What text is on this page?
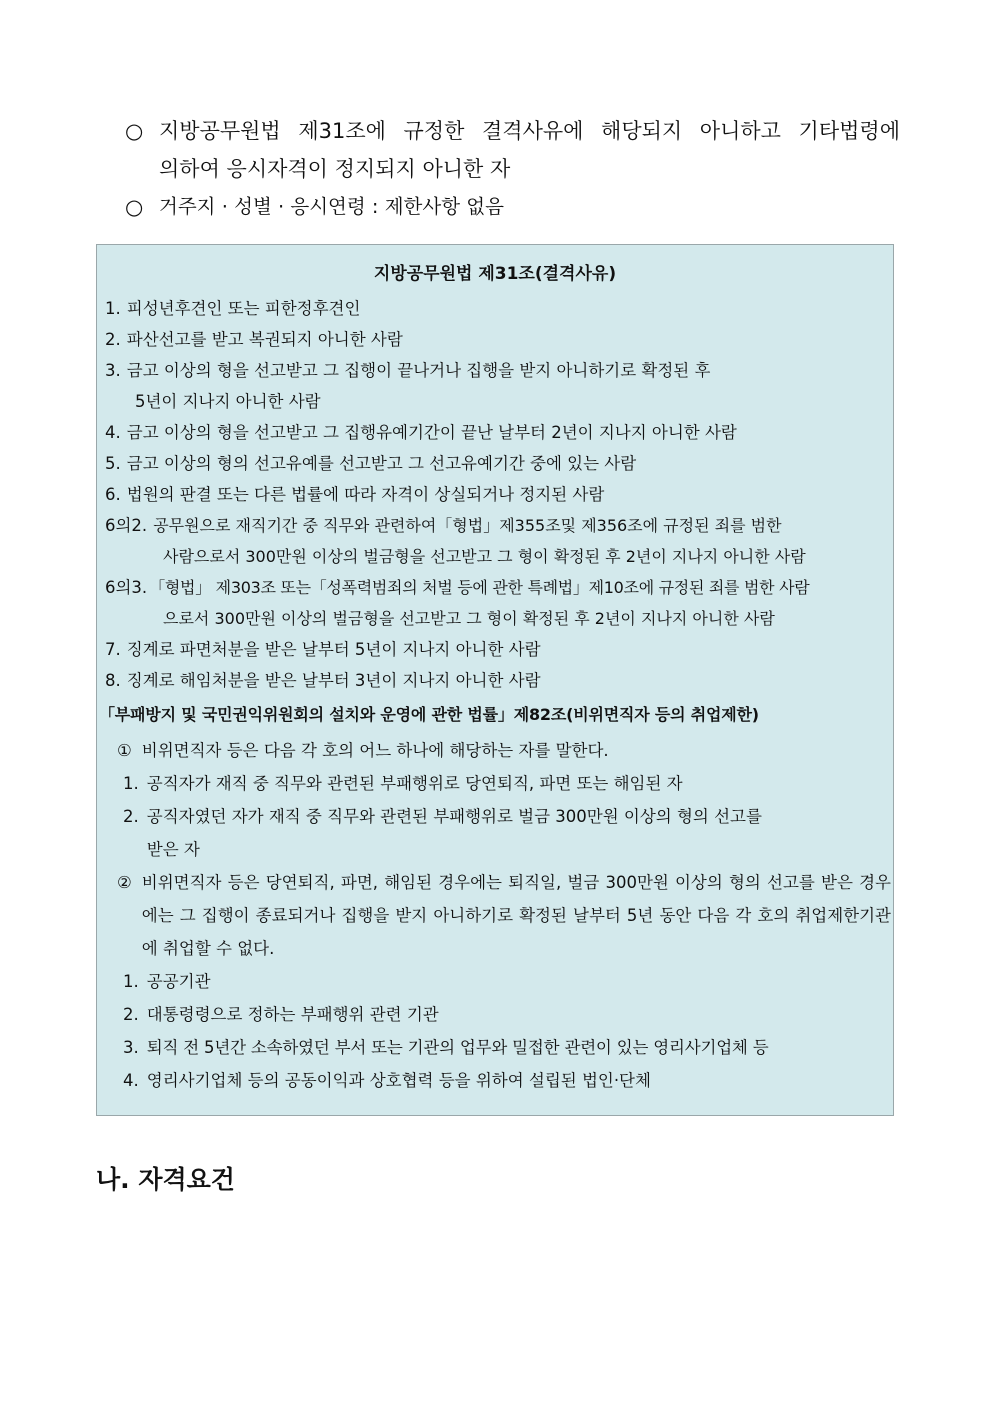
○ 지방공무원법 제31조에 규정한 결격사유에 해당되지 아니하고 기타법령에
의하여 응시자격이 정지되지 아니한 자
○ 거주지 · 성별 · 응시연령 : 제한사항 없음
지방공무원법 제31조(결격사유)
1. 피성년후견인 또는 피한정후견인
2. 파산선고를 받고 복권되지 아니한 사람
3. 금고 이상의 형을 선고받고 그 집행이 끝나거나 집행을 받지 아니하기로 확정된 후
5년이 지나지 아니한 사람
4. 금고 이상의 형을 선고받고 그 집행유예기간이 끝난 날부터 2년이 지나지 아니한 사람
5. 금고 이상의 형의 선고유예를 선고받고 그 선고유예기간 중에 있는 사람
6. 법원의 판결 또는 다른 법률에 따라 자격이 상실되거나 정지된 사람
6의2. 공무원으로 재직기간 중 직무와 관련하여「형법」제355조및 제356조에 규정된 죄를 범한
사람으로서 300만원 이상의 벌금형을 선고받고 그 형이 확정된 후 2년이 지나지 아니한 사람
6의3. 「형법」 제303조 또는「성폭력범죄의 처벌 등에 관한 특례법」제10조에 규정된 죄를 범한 사람
으로서 300만원 이상의 벌금형을 선고받고 그 형이 확정된 후 2년이 지나지 아니한 사람
7. 징계로 파면처분을 받은 날부터 5년이 지나지 아니한 사람
8. 징계로 해임처분을 받은 날부터 3년이 지나지 아니한 사람
「부패방지 및 국민권익위원회의 설치와 운영에 관한 법률」제82조(비위면직자 등의 취업제한)
① 비위면직자 등은 다음 각 호의 어느 하나에 해당하는 자를 말한다.
1. 공직자가 재직 중 직무와 관련된 부패행위로 당연퇴직, 파면 또는 해임된 자
2. 공직자였던 자가 재직 중 직무와 관련된 부패행위로 벌금 300만원 이상의 형의 선고를
받은 자
② 비위면직자 등은 당연퇴직, 파면, 해임된 경우에는 퇴직일, 벌금 300만원 이상의 형의 선고를 받은 경우에는 그 집행이 종료되거나 집행을 받지 아니하기로 확정된 날부터 5년 동안 다음 각 호의 취업제한기관에 취업할 수 없다.
1. 공공기관
2. 대통령령으로 정하는 부패행위 관련 기관
3. 퇴직 전 5년간 소속하였던 부서 또는 기관의 업무와 밀접한 관련이 있는 영리사기업체 등
4. 영리사기업체 등의 공동이익과 상호협력 등을 위하여 설립된 법인·단체
나. 자격요건
